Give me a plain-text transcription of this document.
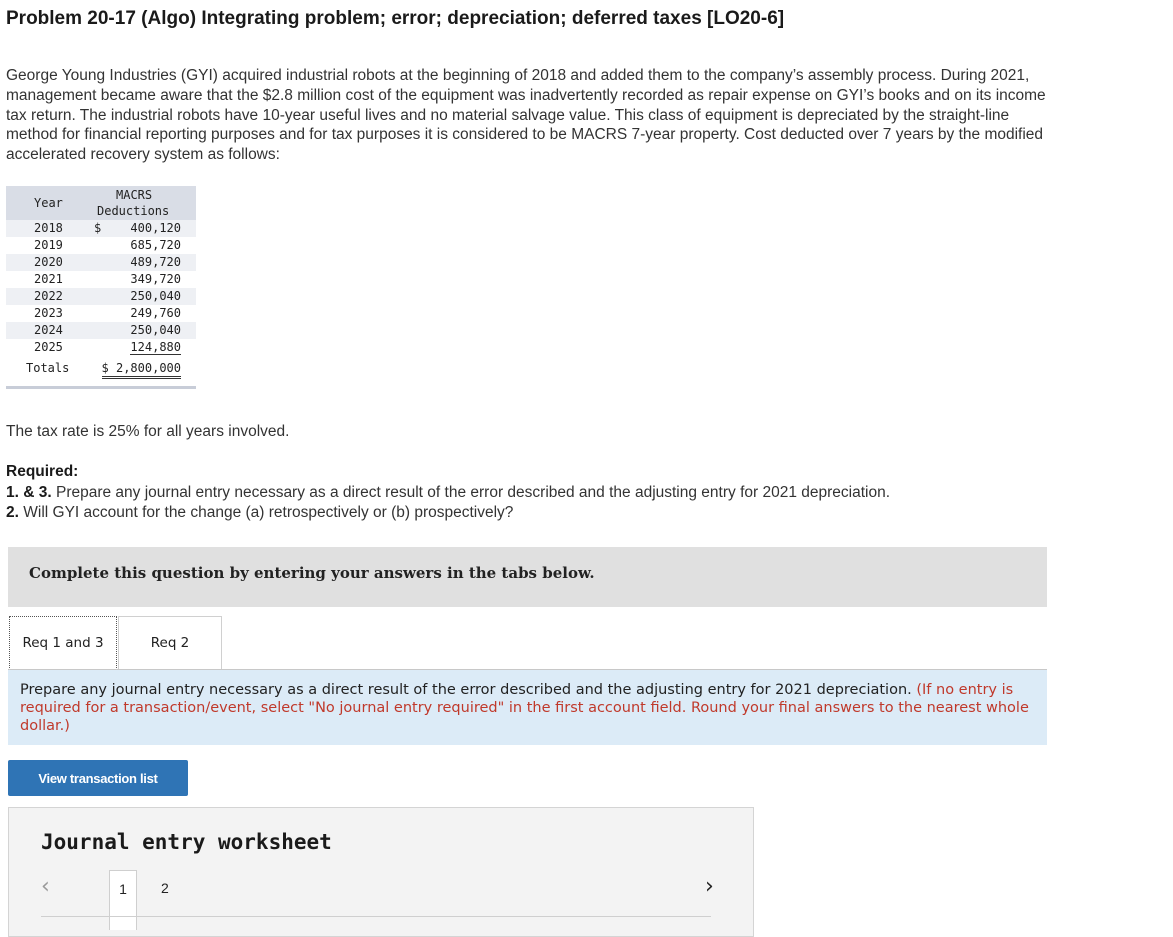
Problem 20-17 (Algo) Integrating problem; error; depreciation; deferred taxes [LO20-6]

George Young Industries (GYI) acquired industrial robots at the beginning of 2018 and added them to the company’s assembly process. During 2021, management became aware that the $2.8 million cost of the equipment was inadvertently recorded as repair expense on GYI’s books and on its income tax return. The industrial robots have 10-year useful lives and no material salvage value. This class of equipment is depreciated by the straight-line method for financial reporting purposes and for tax purposes it is considered to be MACRS 7-year property. Cost deducted over 7 years by the modified accelerated recovery system as follows:

Year
MACRS
Deductions
2018	$ 400,120
2019	685,720
2020	489,720
2021	349,720
2022	250,040
2023	249,760
2024	250,040
2025	124,880
Totals	$ 2,800,000

The tax rate is 25% for all years involved.

Required:
1. & 3. Prepare any journal entry necessary as a direct result of the error described and the adjusting entry for 2021 depreciation.
2. Will GYI account for the change (a) retrospectively or (b) prospectively?
Complete this question by entering your answers in the tabs below.
Req 1 and 3	Req 2
Prepare any journal entry necessary as a direct result of the error described and the adjusting entry for 2021 depreciation. (If no entry is required for a transaction/event, select "No journal entry required" in the first account field. Round your final answers to the nearest whole dollar.)
View transaction list
Journal entry worksheet
‹	1	2	›
